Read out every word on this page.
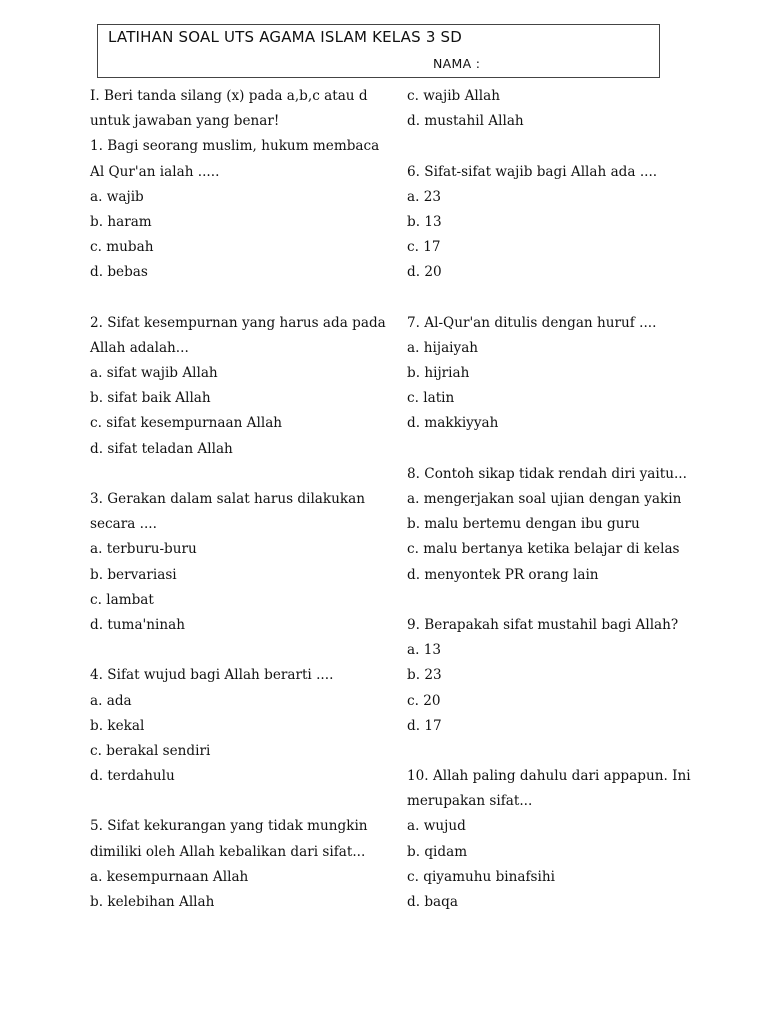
LATIHAN SOAL UTS AGAMA ISLAM KELAS 3 SD
NAMA :
I. Beri tanda silang (x) pada a,b,c atau d
untuk jawaban yang benar!
1. Bagi seorang muslim, hukum membaca
Al Qur'an ialah .....
a. wajib
b. haram
c. mubah
d. bebas
2. Sifat kesempurnan yang harus ada pada
Allah adalah...
a. sifat wajib Allah
b. sifat baik Allah
c. sifat kesempurnaan Allah
d. sifat teladan Allah
3. Gerakan dalam salat harus dilakukan
secara ....
a. terburu-buru
b. bervariasi
c. lambat
d. tuma'ninah
4. Sifat wujud bagi Allah berarti ....
a. ada
b. kekal
c. berakal sendiri
d. terdahulu
5. Sifat kekurangan yang tidak mungkin
dimiliki oleh Allah kebalikan dari sifat...
a. kesempurnaan Allah
b. kelebihan Allah
c. wajib Allah
d. mustahil Allah
6. Sifat-sifat wajib bagi Allah ada ....
a. 23
b. 13
c. 17
d. 20
7. Al-Qur'an ditulis dengan huruf ....
a. hijaiyah
b. hijriah
c. latin
d. makkiyyah
8. Contoh sikap tidak rendah diri yaitu...
a. mengerjakan soal ujian dengan yakin
b. malu bertemu dengan ibu guru
c. malu bertanya ketika belajar di kelas
d. menyontek PR orang lain
9. Berapakah sifat mustahil bagi Allah?
a. 13
b. 23
c. 20
d. 17
10. Allah paling dahulu dari appapun. Ini
merupakan sifat...
a. wujud
b. qidam
c. qiyamuhu binafsihi
d. baqa
